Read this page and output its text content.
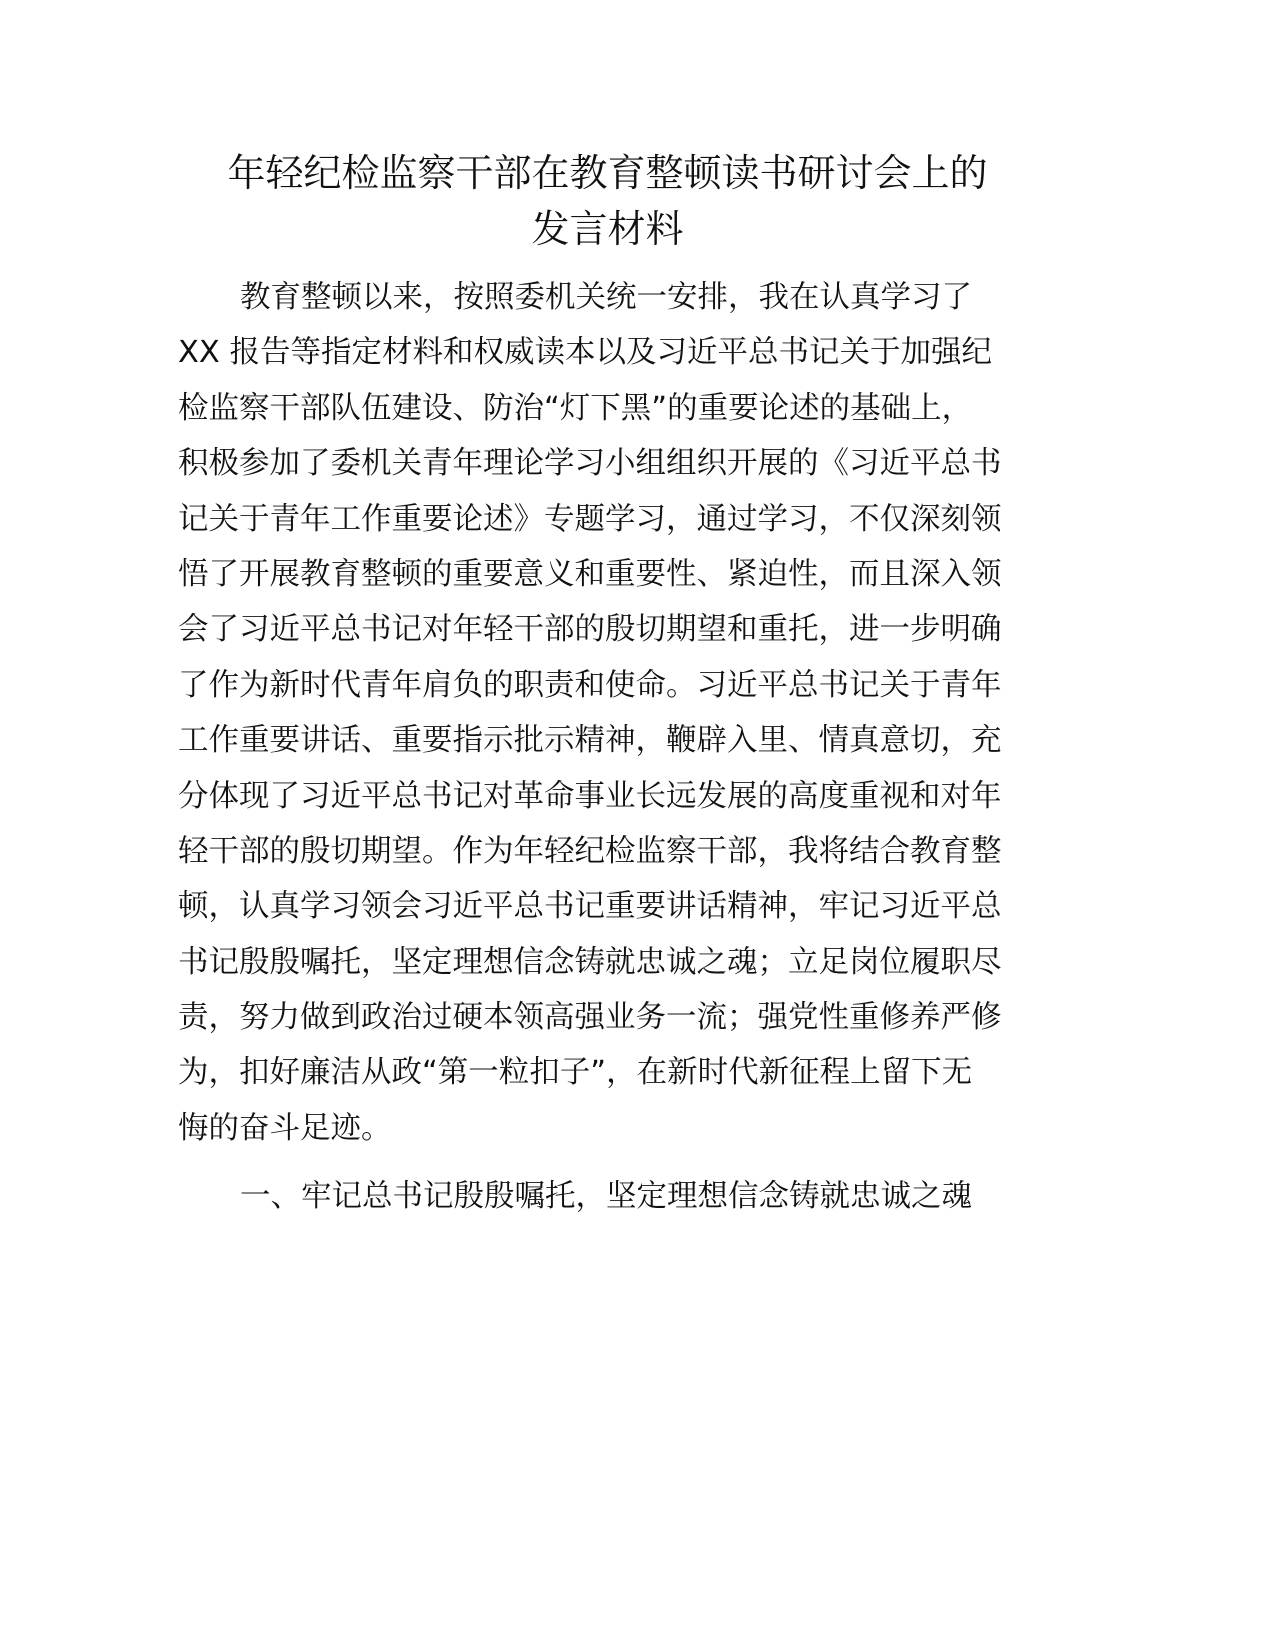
年轻纪检监察干部在教育整顿读书研讨会上的
发言材料
教育整顿以来，按照委机关统一安排，我在认真学习了
XX 报告等指定材料和权威读本以及习近平总书记关于加强纪
检监察干部队伍建设、防治“灯下黑”的重要论述的基础上，
积极参加了委机关青年理论学习小组组织开展的《习近平总书
记关于青年工作重要论述》专题学习，通过学习，不仅深刻领
悟了开展教育整顿的重要意义和重要性、紧迫性，而且深入领
会了习近平总书记对年轻干部的殷切期望和重托，进一步明确
了作为新时代青年肩负的职责和使命。习近平总书记关于青年
工作重要讲话、重要指示批示精神，鞭辟入里、情真意切，充
分体现了习近平总书记对革命事业长远发展的高度重视和对年
轻干部的殷切期望。作为年轻纪检监察干部，我将结合教育整
顿，认真学习领会习近平总书记重要讲话精神，牢记习近平总
书记殷殷嘱托，坚定理想信念铸就忠诚之魂；立足岗位履职尽
责，努力做到政治过硬本领高强业务一流；强党性重修养严修
为，扣好廉洁从政“第一粒扣子”，在新时代新征程上留下无
悔的奋斗足迹。
一、牢记总书记殷殷嘱托，坚定理想信念铸就忠诚之魂
